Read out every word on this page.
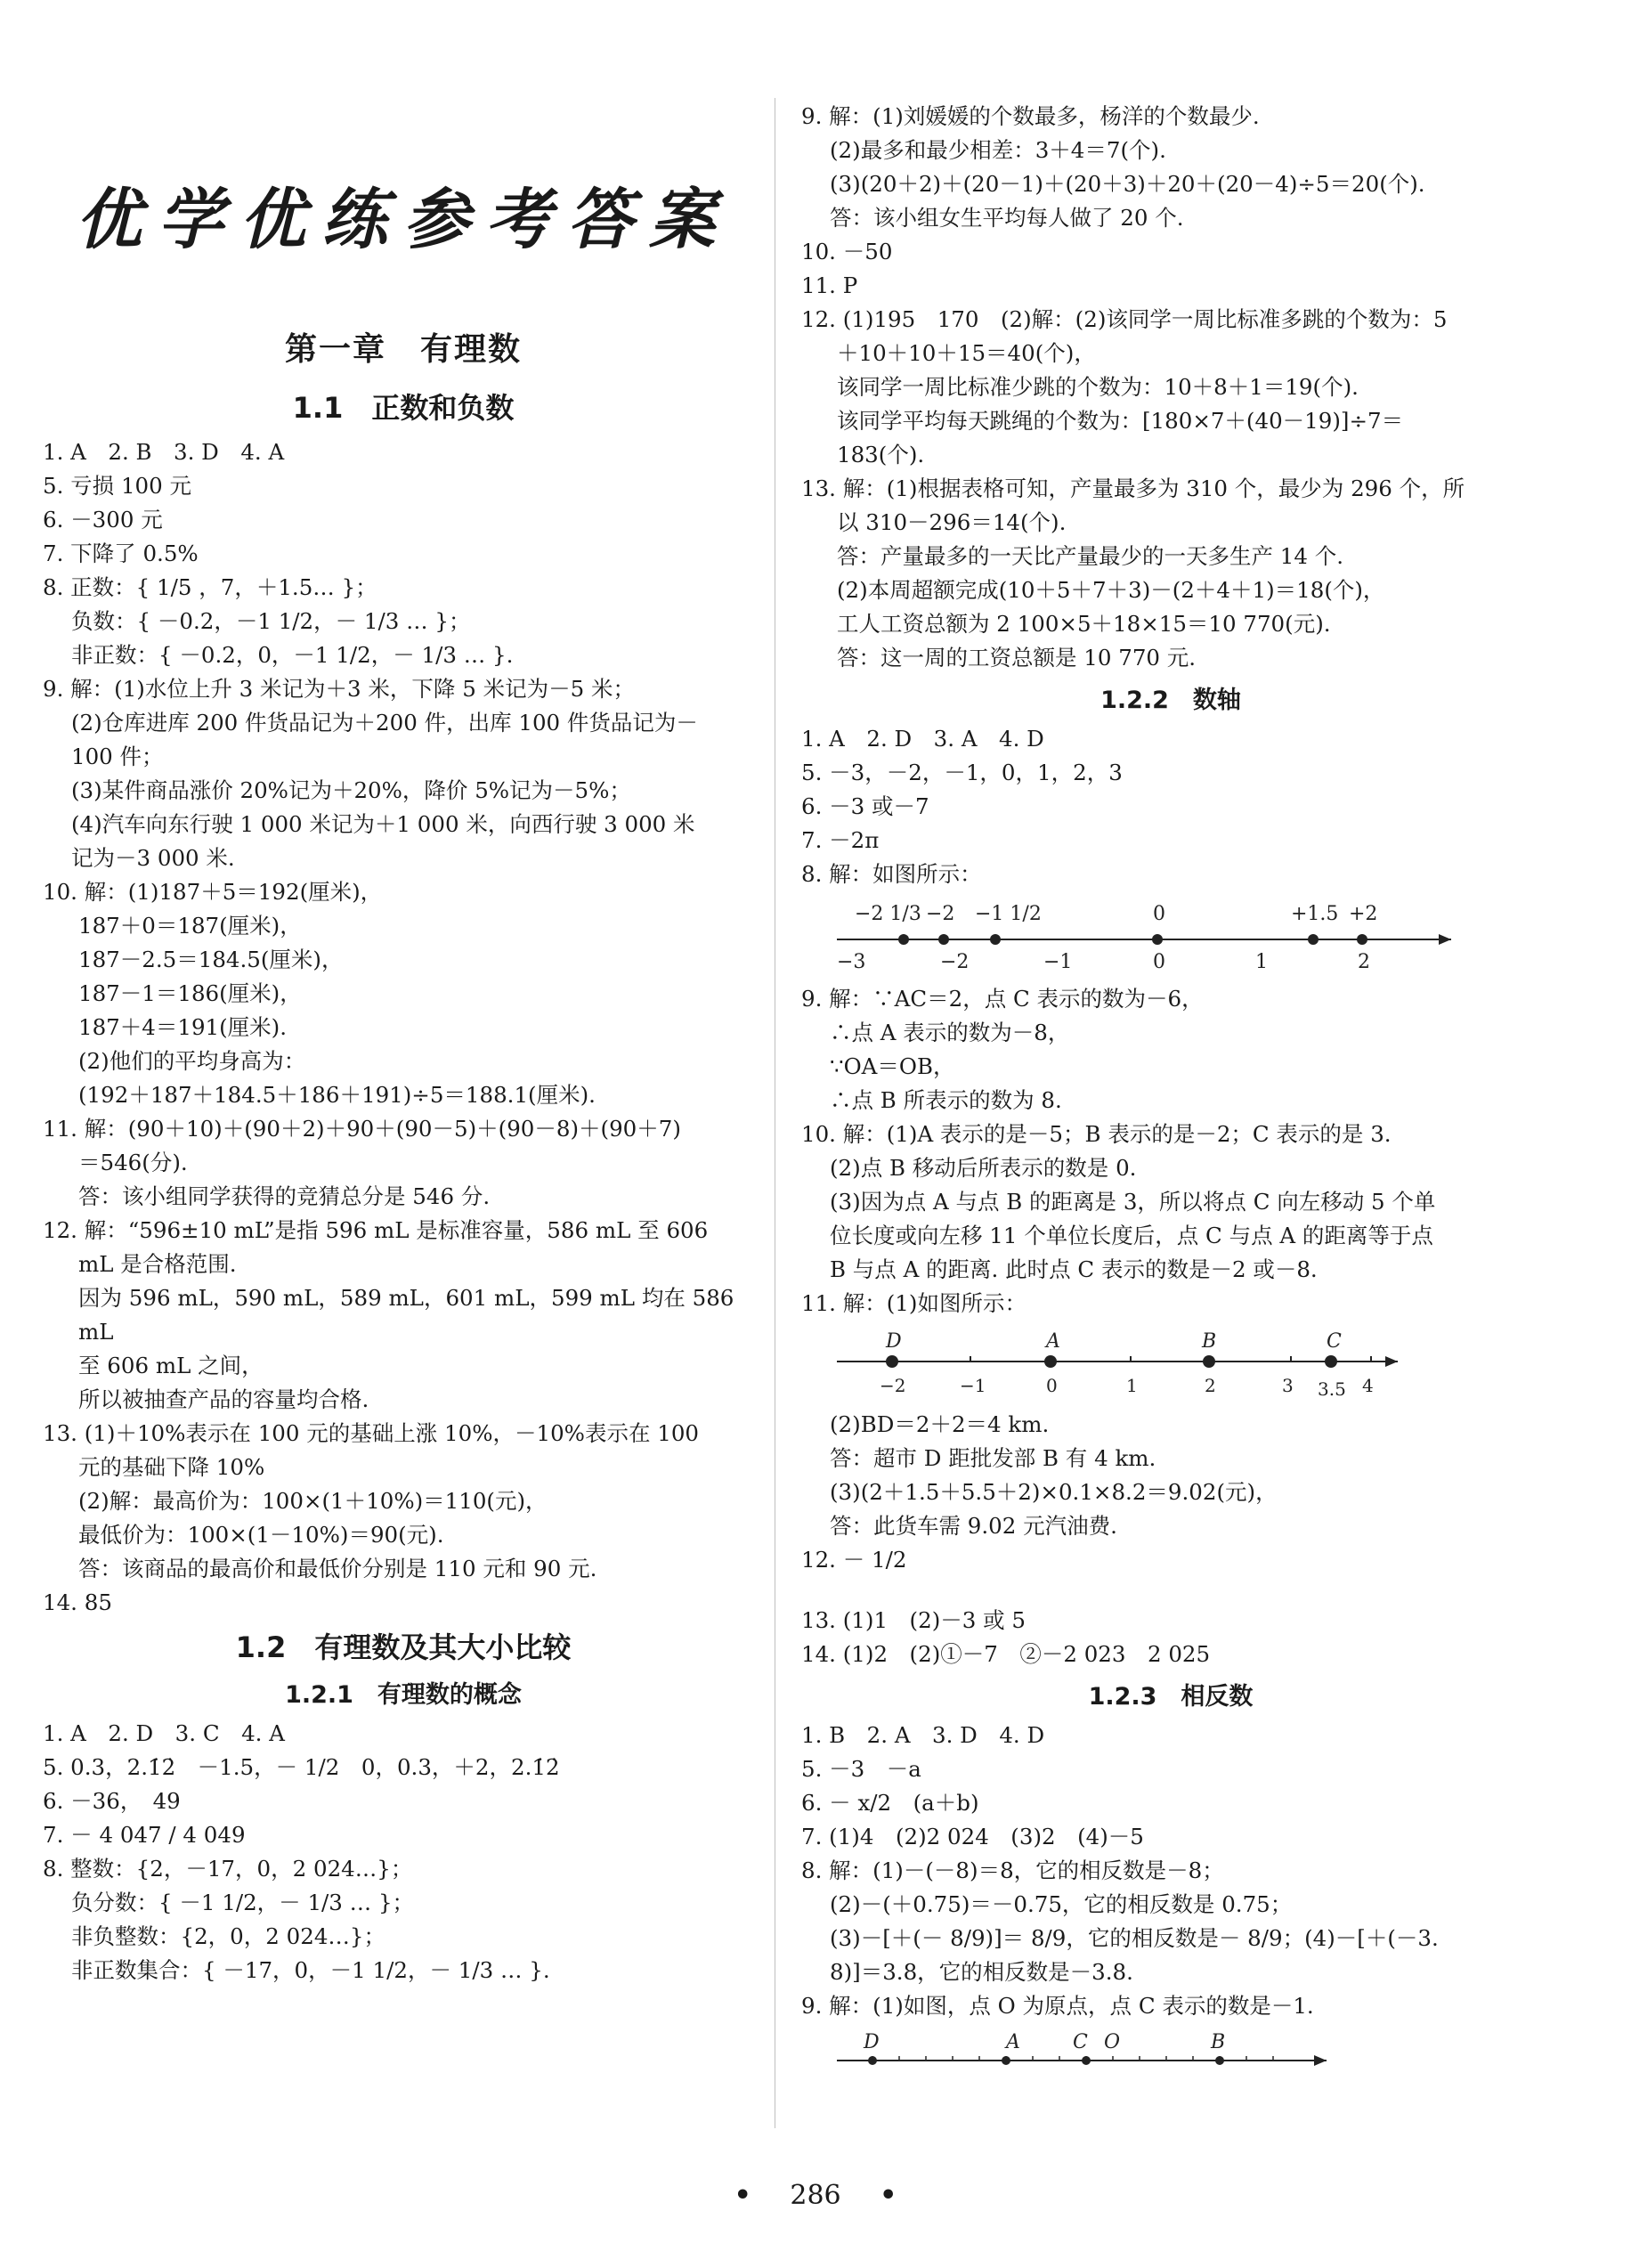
优学优练参考答案
第一章　有理数
1.1　正数和负数
1. A　2. B　3. D　4. A
5. 亏损 100 元
6. －300 元
7. 下降了 0.5%
8. 正数：{ 1/5 ，7，＋1.5… }；
负数：{ －0.2，－1 1/2，－ 1/3 … }；
非正数：{ －0.2，0，－1 1/2，－ 1/3 … }.
9. 解：(1)水位上升 3 米记为＋3 米，下降 5 米记为－5 米；
(2)仓库进库 200 件货品记为＋200 件，出库 100 件货品记为－
100 件；
(3)某件商品涨价 20%记为＋20%，降价 5%记为－5%；
(4)汽车向东行驶 1 000 米记为＋1 000 米，向西行驶 3 000 米
记为－3 000 米.
10. 解：(1)187＋5＝192(厘米)，
187＋0＝187(厘米)，
187－2.5＝184.5(厘米)，
187－1＝186(厘米)，
187＋4＝191(厘米).
(2)他们的平均身高为：
(192＋187＋184.5＋186＋191)÷5＝188.1(厘米).
11. 解：(90＋10)＋(90＋2)＋90＋(90－5)＋(90－8)＋(90＋7)
＝546(分).
答：该小组同学获得的竞猜总分是 546 分.
12. 解：“596±10 mL”是指 596 mL 是标准容量，586 mL 至 606
mL 是合格范围.
因为 596 mL，590 mL，589 mL，601 mL，599 mL 均在 586 mL
至 606 mL 之间，
所以被抽查产品的容量均合格.
13. (1)＋10%表示在 100 元的基础上涨 10%，－10%表示在 100
元的基础下降 10%
(2)解：最高价为：100×(1＋10%)＝110(元)，
最低价为：100×(1－10%)＝90(元).
答：该商品的最高价和最低价分别是 110 元和 90 元.
14. 85
1.2　有理数及其大小比较
1.2.1　有理数的概念
1. A　2. D　3. C　4. A
5. 0.3，2.1̇2̇　－1.5，－ 1/2　0，0.3，＋2，2.1̇2̇
6. －36，　49
7. － 4 047 / 4 049
8. 整数：{2，－17，0，2 024…}；
负分数：{ －1 1/2，－ 1/3 … }；
非负整数：{2，0，2 024…}；
非正数集合：{ －17，0，－1 1/2，－ 1/3 … }.
9. 解：(1)刘媛媛的个数最多，杨洋的个数最少.
(2)最多和最少相差：3＋4＝7(个).
(3)(20＋2)＋(20－1)＋(20＋3)＋20＋(20－4)÷5＝20(个).
答：该小组女生平均每人做了 20 个.
10. －50
11. P
12. (1)195　170　(2)解：(2)该同学一周比标准多跳的个数为：5
＋10＋10＋15＝40(个)，
该同学一周比标准少跳的个数为：10＋8＋1＝19(个).
该同学平均每天跳绳的个数为：[180×7＋(40－19)]÷7＝
183(个).
13. 解：(1)根据表格可知，产量最多为 310 个，最少为 296 个，所
以 310－296＝14(个).
答：产量最多的一天比产量最少的一天多生产 14 个.
(2)本周超额完成(10＋5＋7＋3)－(2＋4＋1)＝18(个)，
工人工资总额为 2 100×5＋18×15＝10 770(元).
答：这一周的工资总额是 10 770 元.
1.2.2　数轴
1. A　2. D　3. A　4. D
5. －3，－2，－1，0，1，2，3
6. －3 或－7
7. －2π
8. 解：如图所示：
−3	−2	−1	0	1	2
−2 1/3 −2 −1 1/2	0	+1.5 +2
9. 解：∵AC＝2，点 C 表示的数为－6，
∴点 A 表示的数为－8，
∵OA＝OB，
∴点 B 所表示的数为 8.
10. 解：(1)A 表示的是－5；B 表示的是－2；C 表示的是 3.
(2)点 B 移动后所表示的数是 0.
(3)因为点 A 与点 B 的距离是 3，所以将点 C 向左移动 5 个单
位长度或向左移 11 个单位长度后，点 C 与点 A 的距离等于点
B 与点 A 的距离. 此时点 C 表示的数是－2 或－8.
11. 解：(1)如图所示：
D	A	B	C
−2	−1	0	1	2	3 3.5 4
(2)BD＝2＋2＝4 km.
答：超市 D 距批发部 B 有 4 km.
(3)(2＋1.5＋5.5＋2)×0.1×8.2＝9.02(元)，
答：此货车需 9.02 元汽油费.
12. － 1/2
13. (1)1　(2)－3 或 5
14. (1)2　(2)①－7　②－2 023　2 025
1.2.3　相反数
1. B　2. A　3. D　4. D
5. －3　－a
6. － x/2　(a＋b)
7. (1)4　(2)2 024　(3)2　(4)－5
8. 解：(1)－(－8)＝8，它的相反数是－8；
(2)－(＋0.75)＝－0.75，它的相反数是 0.75；
(3)－[＋(－ 8/9)]＝ 8/9，它的相反数是－ 8/9；(4)－[＋(－3.
8)]＝3.8，它的相反数是－3.8.
9. 解：(1)如图，点 O 为原点，点 C 表示的数是－1.
D	A	C O	B
• 286 •
